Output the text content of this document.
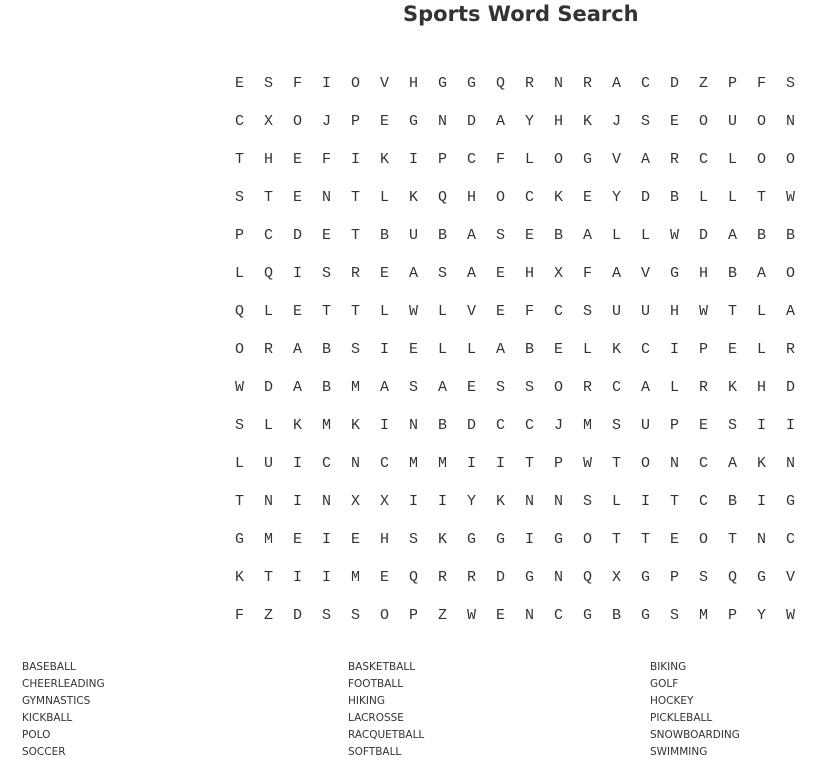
Sports Word Search
E	S	F	I	O	V	H	G	G	Q	R	N	R	A	C	D	Z	P	F	S
C	X	O	J	P	E	G	N	D	A	Y	H	K	J	S	E	O	U	O	N
T	H	E	F	I	K	I	P	C	F	L	O	G	V	A	R	C	L	O	O
S	T	E	N	T	L	K	Q	H	O	C	K	E	Y	D	B	L	L	T	W
P	C	D	E	T	B	U	B	A	S	E	B	A	L	L	W	D	A	B	B
L	Q	I	S	R	E	A	S	A	E	H	X	F	A	V	G	H	B	A	O
Q	L	E	T	T	L	W	L	V	E	F	C	S	U	U	H	W	T	L	A
O	R	A	B	S	I	E	L	L	A	B	E	L	K	C	I	P	E	L	R
W	D	A	B	M	A	S	A	E	S	S	O	R	C	A	L	R	K	H	D
S	L	K	M	K	I	N	B	D	C	C	J	M	S	U	P	E	S	I	I
L	U	I	C	N	C	M	M	I	I	T	P	W	T	O	N	C	A	K	N
T	N	I	N	X	X	I	I	Y	K	N	N	S	L	I	T	C	B	I	G
G	M	E	I	E	H	S	K	G	G	I	G	O	T	T	E	O	T	N	C
K	T	I	I	M	E	Q	R	R	D	G	N	Q	X	G	P	S	Q	G	V
F	Z	D	S	S	O	P	Z	W	E	N	C	G	B	G	S	M	P	Y	W
BASEBALL
CHEERLEADING
GYMNASTICS
KICKBALL
POLO
SOCCER
BASKETBALL
FOOTBALL
HIKING
LACROSSE
RACQUETBALL
SOFTBALL
BIKING
GOLF
HOCKEY
PICKLEBALL
SNOWBOARDING
SWIMMING
